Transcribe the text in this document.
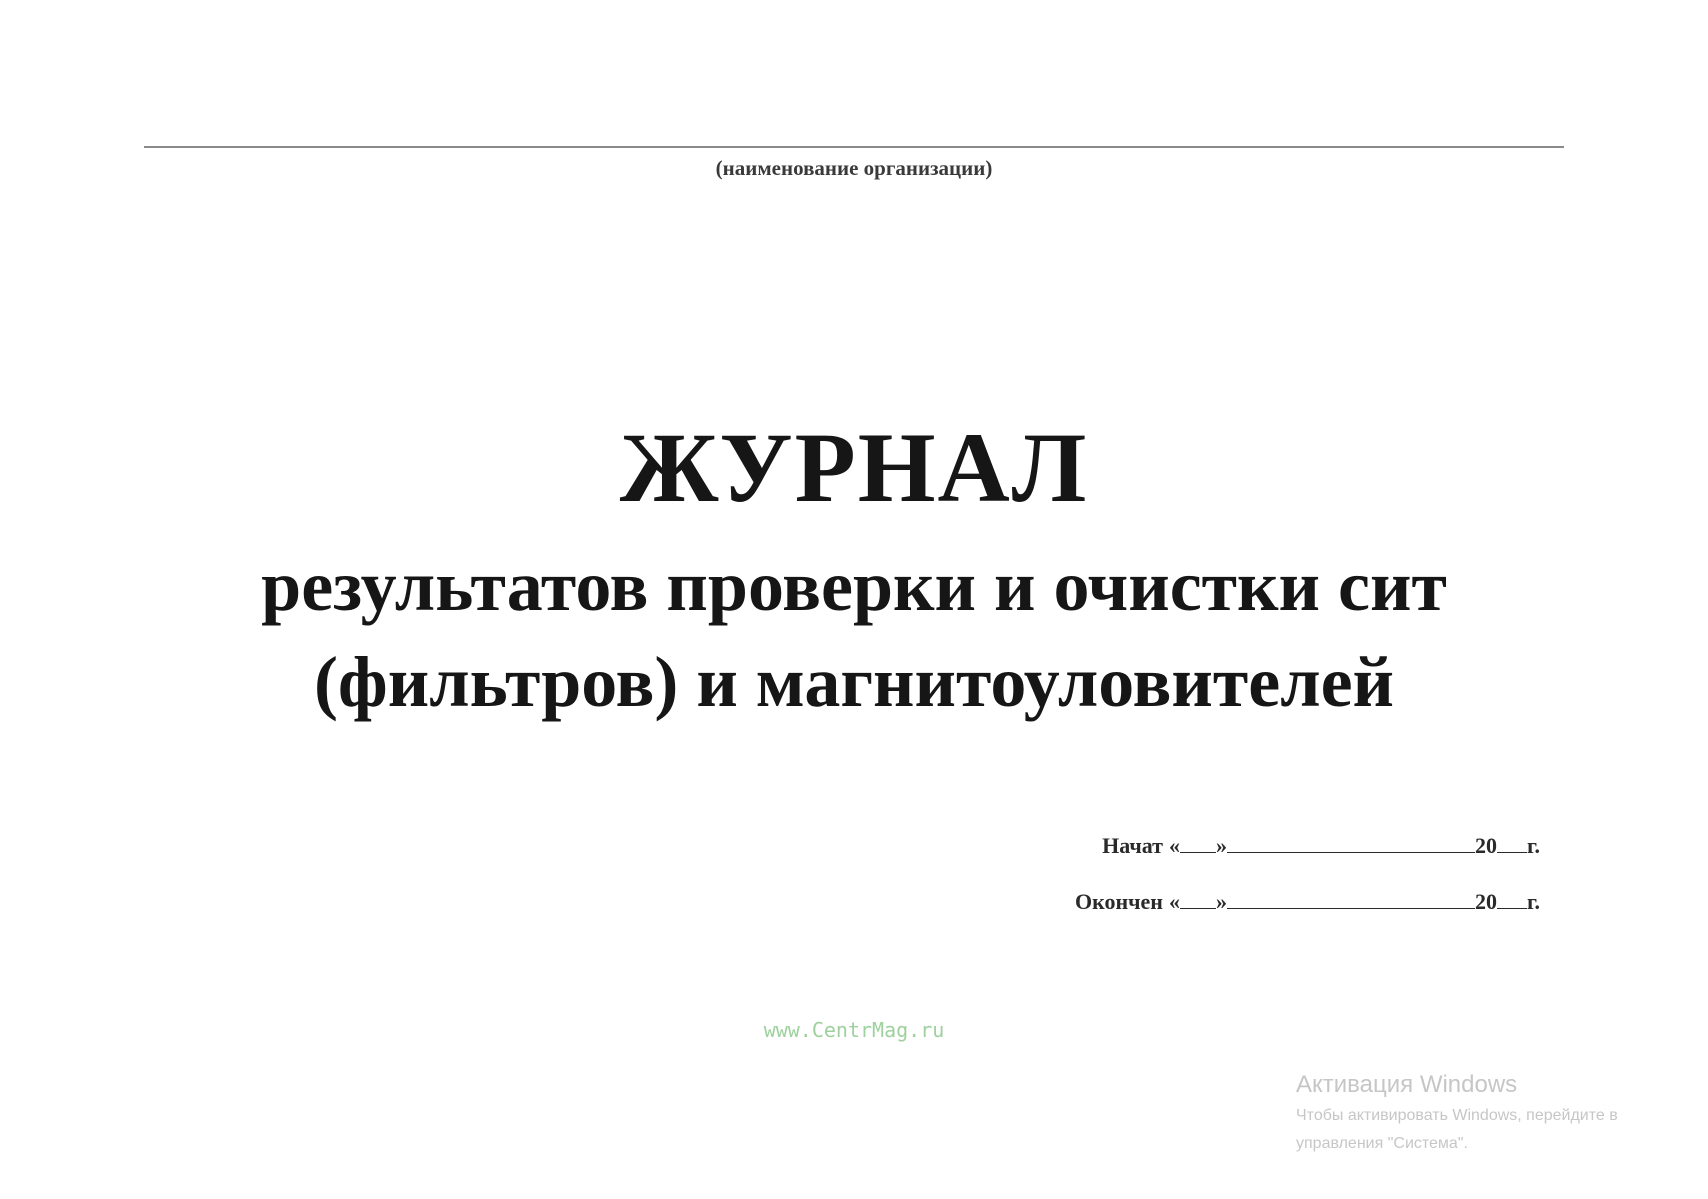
(наименование организации)
ЖУРНАЛ
результатов проверки и очистки сит
(фильтров) и магнитоуловителей
Начат « »	20 г.
Окончен « »	20 г.
www.CentrMag.ru
Активация Windows
Чтобы активировать Windows, перейдите в
управления "Система".
